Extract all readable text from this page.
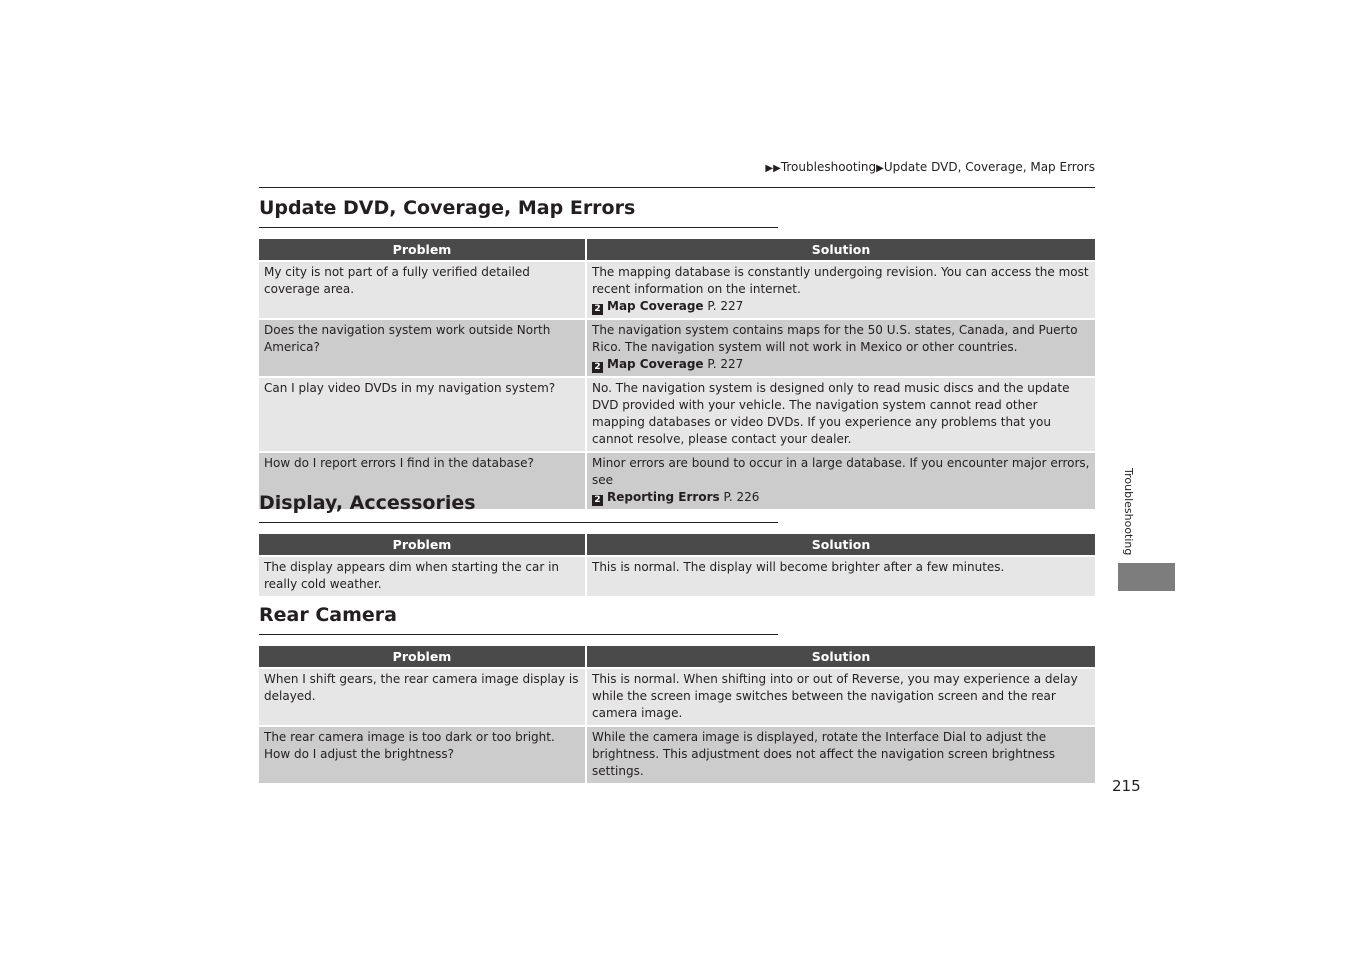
▶▶Troubleshooting▶Update DVD, Coverage, Map Errors
Update DVD, Coverage, Map Errors
Problem	Solution
My city is not part of a fully verified detailed coverage area.	The mapping database is constantly undergoing revision. You can access the most recent information on the internet.
2 Map Coverage P. 227
Does the navigation system work outside North America?	The navigation system contains maps for the 50 U.S. states, Canada, and Puerto Rico. The navigation system will not work in Mexico or other countries.
2 Map Coverage P. 227
Can I play video DVDs in my navigation system?	No. The navigation system is designed only to read music discs and the update DVD provided with your vehicle. The navigation system cannot read other mapping databases or video DVDs. If you experience any problems that you cannot resolve, please contact your dealer.
How do I report errors I find in the database?	Minor errors are bound to occur in a large database. If you encounter major errors, see
2 Reporting Errors P. 226
Display, Accessories
Problem	Solution
The display appears dim when starting the car in really cold weather.	This is normal. The display will become brighter after a few minutes.
Rear Camera
Problem	Solution
When I shift gears, the rear camera image display is delayed.	This is normal. When shifting into or out of Reverse, you may experience a delay while the screen image switches between the navigation screen and the rear camera image.
The rear camera image is too dark or too bright. How do I adjust the brightness?	While the camera image is displayed, rotate the Interface Dial to adjust the brightness. This adjustment does not affect the navigation screen brightness settings.
Troubleshooting
215
